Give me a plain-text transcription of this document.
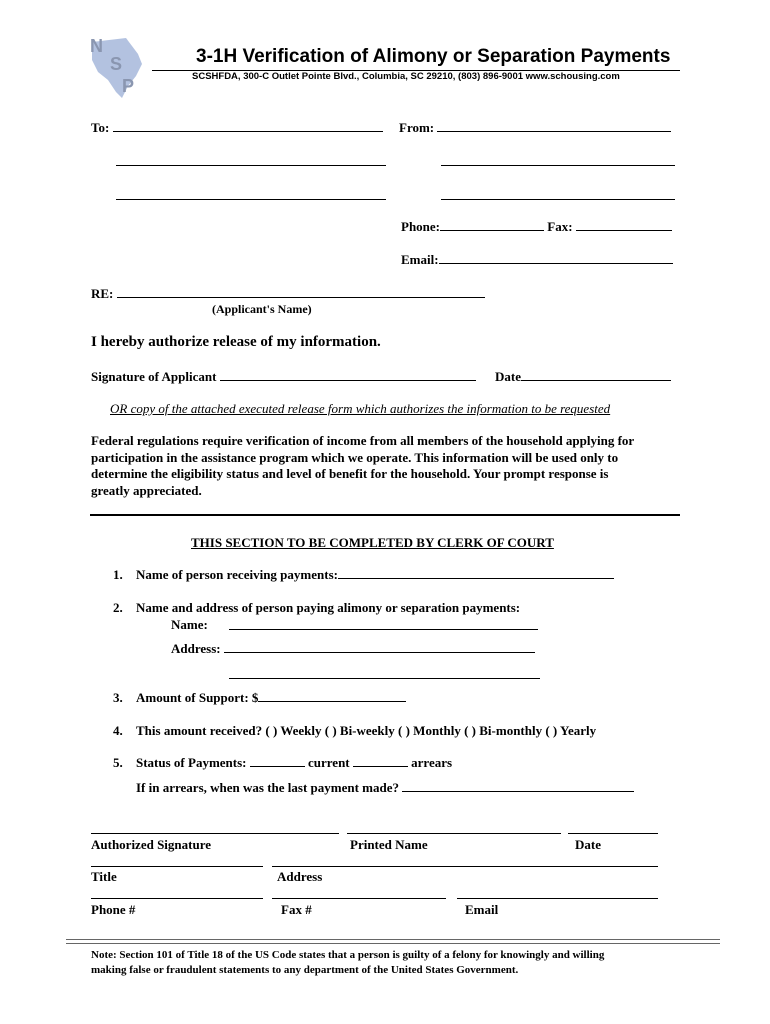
N
S
P
3-1H Verification of Alimony or Separation Payments
SCSHFDA, 300-C Outlet Pointe Blvd., Columbia, SC 29210, (803) 896-9001 www.schousing.com
To:	From:
Phone:	Fax:
Email:
RE:
(Applicant's Name)
I hereby authorize release of my information.
Signature of Applicant	Date
OR copy of the attached executed release form which authorizes the information to be requested
Federal regulations require verification of income from all members of the household applying for
participation in the assistance program which we operate. This information will be used only to
determine the eligibility status and level of benefit for the household. Your prompt response is
greatly appreciated.
THIS SECTION TO BE COMPLETED BY CLERK OF COURT
1. Name of person receiving payments:
2. Name and address of person paying alimony or separation payments:
Name:
Address:
3. Amount of Support: $
4. This amount received? ( ) Weekly ( ) Bi-weekly ( ) Monthly ( ) Bi-monthly ( ) Yearly
5. Status of Payments:	current	arrears
If in arrears, when was the last payment made?
Authorized Signature	Printed Name	Date
Title	Address
Phone #	Fax #	Email
Note: Section 101 of Title 18 of the US Code states that a person is guilty of a felony for knowingly and willing
making false or fraudulent statements to any department of the United States Government.
